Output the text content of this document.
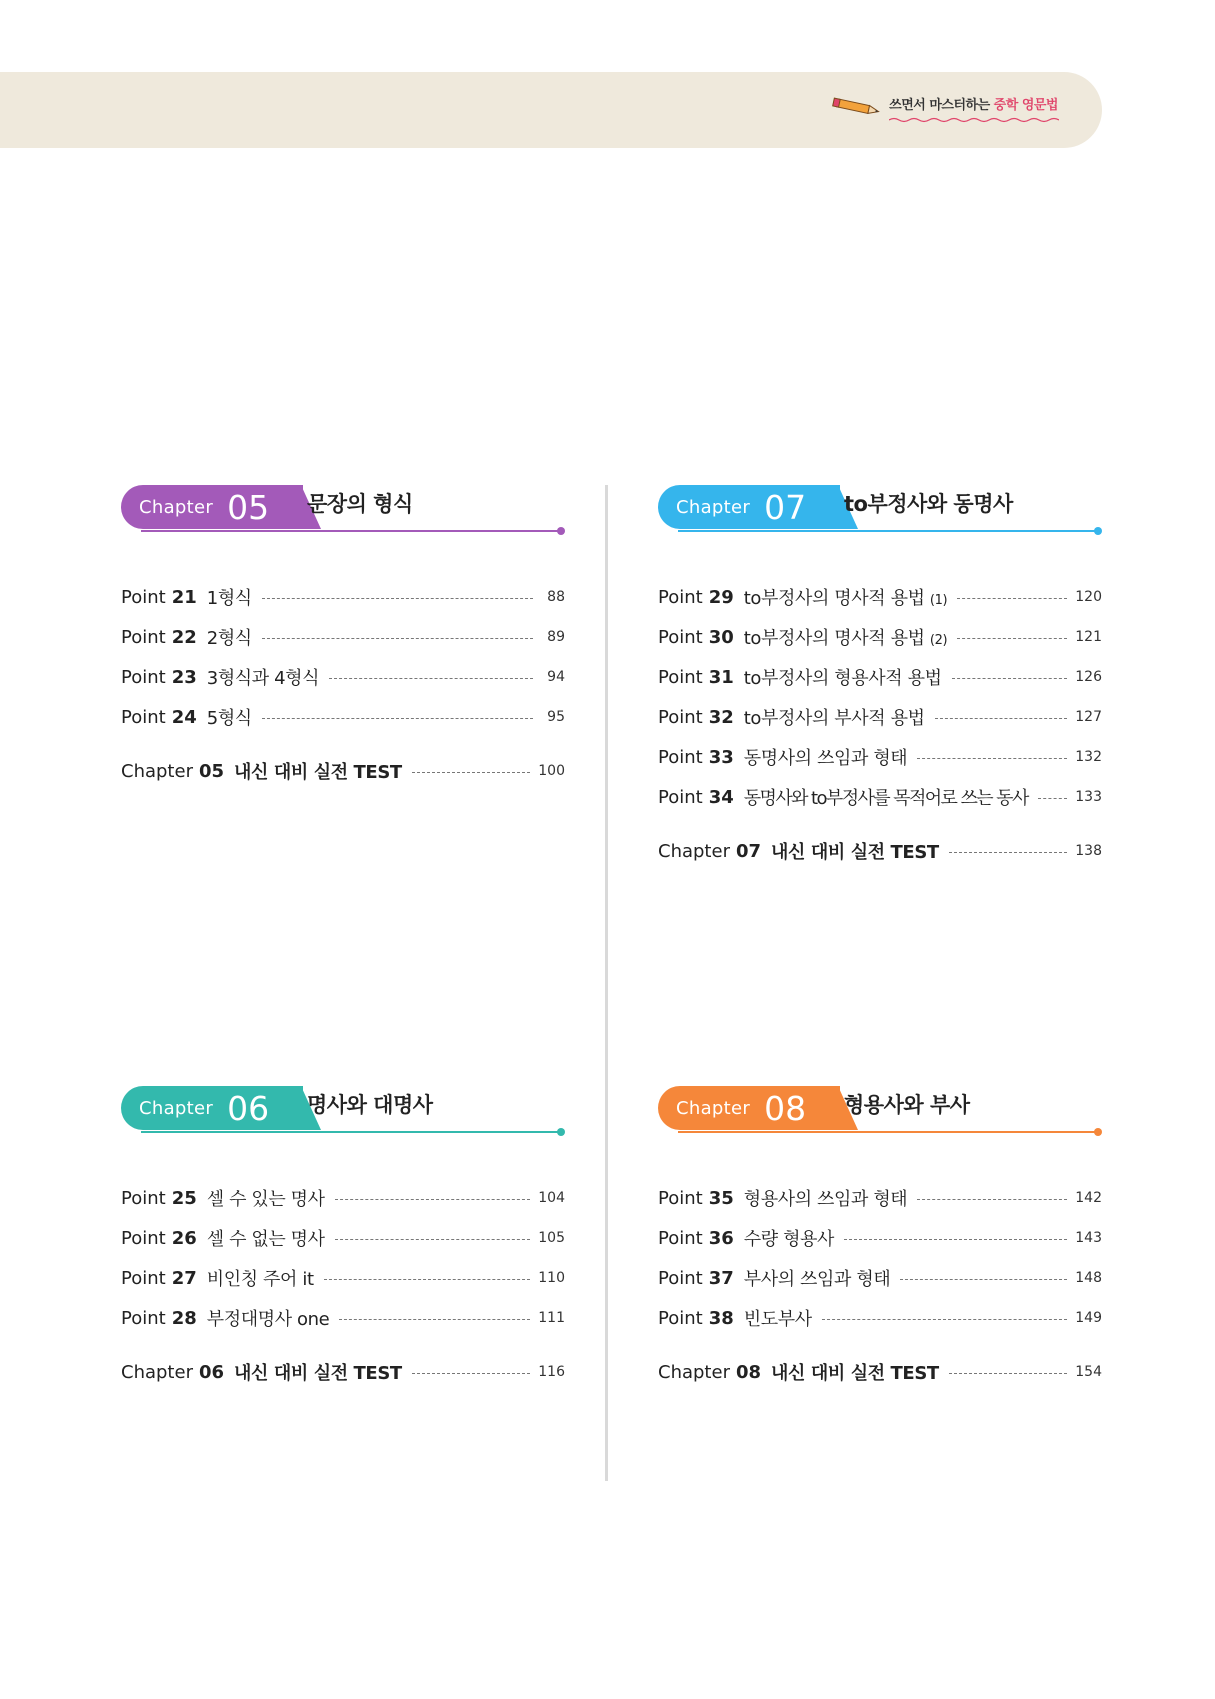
쓰면서 마스터하는 중학 영문법
Chapter 05 문장의 형식
Point 21 1형식	88
Point 22 2형식	89
Point 23 3형식과 4형식	94
Point 24 5형식	95
Chapter 05 내신 대비 실전 TEST	100
Chapter 07 to부정사와 동명사
Point 29 to부정사의 명사적 용법 (1)	120
Point 30 to부정사의 명사적 용법 (2)	121
Point 31 to부정사의 형용사적 용법	126
Point 32 to부정사의 부사적 용법	127
Point 33 동명사의 쓰임과 형태	132
Point 34 동명사와 to부정사를 목적어로 쓰는 동사	133
Chapter 07 내신 대비 실전 TEST	138
Chapter 06 명사와 대명사
Point 25 셀 수 있는 명사	104
Point 26 셀 수 없는 명사	105
Point 27 비인칭 주어 it	110
Point 28 부정대명사 one	111
Chapter 06 내신 대비 실전 TEST	116
Chapter 08 형용사와 부사
Point 35 형용사의 쓰임과 형태	142
Point 36 수량 형용사	143
Point 37 부사의 쓰임과 형태	148
Point 38 빈도부사	149
Chapter 08 내신 대비 실전 TEST	154
